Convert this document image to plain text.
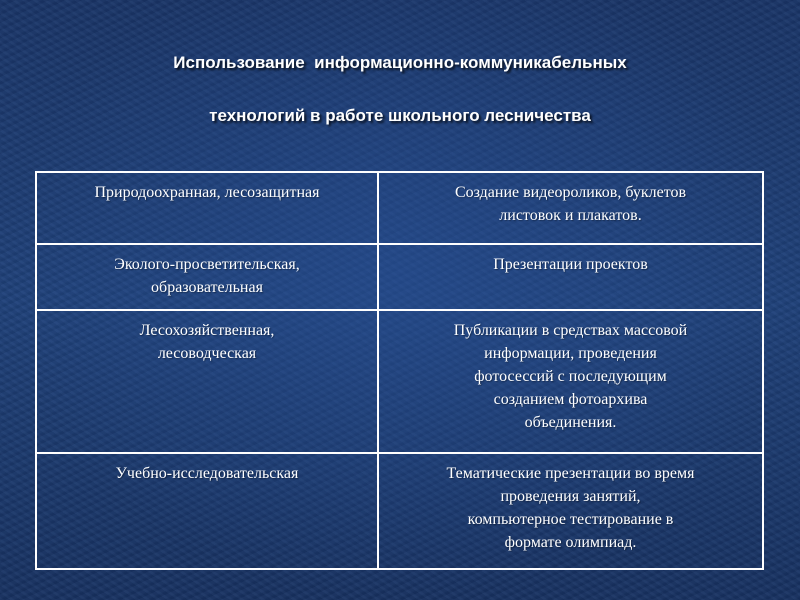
Использование  информационно-коммуникабельных
технологий в работе школьного лесничества
Природоохранная, лесозащитная	Создание видеороликов, буклетов
листовок и плакатов.

Эколого-просветительская,
образовательная	Презентации проектов

Лесохозяйственная,
лесоводческая	Публикации в средствах массовой
информации, проведения
фотосессий с последующим
созданием фотоархива
объединения.

Учебно-исследовательская	Тематические презентации во время
проведения занятий,
компьютерное тестирование в
формате олимпиад.
